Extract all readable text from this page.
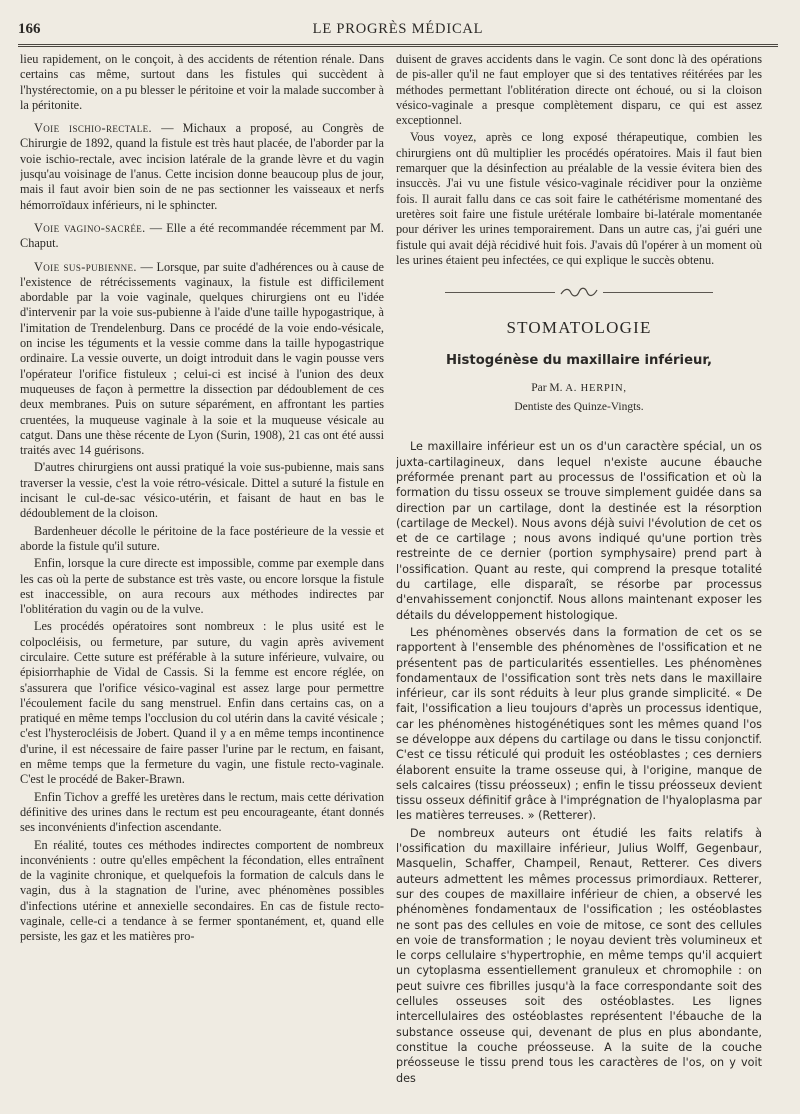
166	LE PROGRÈS MÉDICAL

lieu rapidement, on le conçoit, à des accidents de rétention rénale. Dans certains cas même, surtout dans les fistules qui succèdent à l'hystérectomie, on a pu blesser le péritoine et voir la malade succomber à la péritonite.

Voie ischio-rectale. — Michaux a proposé, au Congrès de Chirurgie de 1892, quand la fistule est très haut placée, de l'aborder par la voie ischio-rectale, avec incision latérale de la grande lèvre et du vagin jusqu'au voisinage de l'anus. Cette incision donne beaucoup plus de jour, mais il faut avoir bien soin de ne pas sectionner les vaisseaux et nerfs hémorroïdaux inférieurs, ni le sphincter.

Voie vagino-sacrée. — Elle a été recommandée récemment par M. Chaput.

Voie sus-pubienne. — Lorsque, par suite d'adhérences ou à cause de l'existence de rétrécissements vaginaux, la fistule est difficilement abordable par la voie vaginale, quelques chirurgiens ont eu l'idée d'intervenir par la voie sus-pubienne à l'aide d'une taille hypogastrique, à l'imitation de Trendelenburg. Dans ce procédé de la voie endo-vésicale, on incise les téguments et la vessie comme dans la taille hypogastrique ordinaire. La vessie ouverte, un doigt introduit dans le vagin pousse vers l'opérateur l'orifice fistuleux ; celui-ci est incisé à l'union des deux muqueuses de façon à permettre la dissection par dédoublement de ces deux membranes. Puis on suture séparément, en affrontant les parties cruentées, la muqueuse vaginale à la soie et la muqueuse vésicale au catgut. Dans une thèse récente de Lyon (Surin, 1908), 21 cas ont été aussi traités avec 14 guérisons.

D'autres chirurgiens ont aussi pratiqué la voie sus-pubienne, mais sans traverser la vessie, c'est la voie rétro-vésicale. Dittel a suturé la fistule en incisant le cul-de-sac vésico-utérin, et faisant de haut en bas le dédoublement de la cloison.

Bardenheuer décolle le péritoine de la face postérieure de la vessie et aborde la fistule qu'il suture.

Enfin, lorsque la cure directe est impossible, comme par exemple dans les cas où la perte de substance est très vaste, ou encore lorsque la fistule est inaccessible, on aura recours aux méthodes indirectes par l'oblitération du vagin ou de la vulve.

Les procédés opératoires sont nombreux : le plus usité est le colpocléisis, ou fermeture, par suture, du vagin après avivement circulaire. Cette suture est préférable à la suture inférieure, vulvaire, ou épisiorrhaphie de Vidal de Cassis. Si la femme est encore réglée, on s'assurera que l'orifice vésico-vaginal est assez large pour permettre l'écoulement facile du sang menstruel. Enfin dans certains cas, on a pratiqué en même temps l'occlusion du col utérin dans la cavité vésicale ; c'est l'hysterocléisis de Jobert. Quand il y a en même temps incontinence d'urine, il est nécessaire de faire passer l'urine par le rectum, en faisant, en même temps que la fermeture du vagin, une fistule recto-vaginale. C'est le procédé de Baker-Brawn.

Enfin Tichov a greffé les uretères dans le rectum, mais cette dérivation définitive des urines dans le rectum est peu encourageante, étant donnés ses inconvénients d'infection ascendante.

En réalité, toutes ces méthodes indirectes comportent de nombreux inconvénients : outre qu'elles empêchent la fécondation, elles entraînent de la vaginite chronique, et quelquefois la formation de calculs dans le vagin, dus à la stagnation de l'urine, avec phénomènes possibles d'infections utérine et annexielle secondaires. En cas de fistule recto-vaginale, celle-ci a tendance à se fermer spontanément, et, quand elle persiste, les gaz et les matières pro-

duisent de graves accidents dans le vagin. Ce sont donc là des opérations de pis-aller qu'il ne faut employer que si des tentatives réitérées par les méthodes permettant l'oblitération directe ont échoué, ou si la cloison vésico-vaginale a presque complètement disparu, ce qui est assez exceptionnel.

Vous voyez, après ce long exposé thérapeutique, combien les chirurgiens ont dû multiplier les procédés opératoires. Mais il faut bien remarquer que la désinfection au préalable de la vessie évitera bien des insuccès. J'ai vu une fistule vésico-vaginale récidiver pour la onzième fois. Il aurait fallu dans ce cas soit faire le cathétérisme momentané des uretères soit faire une fistule urétérale lombaire bi-latérale momentanée pour dériver les urines temporairement. Dans un autre cas, j'ai guéri une fistule qui avait déjà récidivé huit fois. J'avais dû l'opérer à un moment où les urines étaient peu infectées, ce qui explique le succès obtenu.

STOMATOLOGIE
Histogénèse du maxillaire inférieur,
Par M. A. HERPIN,
Dentiste des Quinze-Vingts.

Le maxillaire inférieur est un os d'un caractère spécial, un os juxta-cartilagineux, dans lequel n'existe aucune ébauche préformée prenant part au processus de l'ossification et où la formation du tissu osseux se trouve simplement guidée dans sa direction par un cartilage, dont la destinée est la résorption (cartilage de Meckel). Nous avons déjà suivi l'évolution de cet os et de ce cartilage ; nous avons indiqué qu'une portion très restreinte de ce dernier (portion symphysaire) prend part à l'ossification. Quant au reste, qui comprend la presque totalité du cartilage, elle disparaît, se résorbe par processus d'envahissement conjonctif. Nous allons maintenant exposer les détails du développement histologique.

Les phénomènes observés dans la formation de cet os se rapportent à l'ensemble des phénomènes de l'ossification et ne présentent pas de particularités essentielles. Les phénomènes fondamentaux de l'ossification sont très nets dans le maxillaire inférieur, car ils sont réduits à leur plus grande simplicité. « De fait, l'ossification a lieu toujours d'après un processus identique, car les phénomènes histogénétiques sont les mêmes quand l'os se développe aux dépens du cartilage ou dans le tissu conjonctif. C'est ce tissu réticulé qui produit les ostéoblastes ; ces derniers élaborent ensuite la trame osseuse qui, à l'origine, manque de sels calcaires (tissu préosseux) ; enfin le tissu préosseux devient tissu osseux définitif grâce à l'imprégnation de l'hyaloplasma par les matières terreuses. » (Retterer).

De nombreux auteurs ont étudié les faits relatifs à l'ossification du maxillaire inférieur, Julius Wolff, Gegenbaur, Masquelin, Schaffer, Champeil, Renaut, Retterer. Ces divers auteurs admettent les mêmes processus primordiaux. Retterer, sur des coupes de maxillaire inférieur de chien, a observé les phénomènes fondamentaux de l'ossification ; les ostéoblastes ne sont pas des cellules en voie de mitose, ce sont des cellules en voie de transformation ; le noyau devient très volumineux et le corps cellulaire s'hypertrophie, en même temps qu'il acquiert un cytoplasma essentiellement granuleux et chromophile : on peut suivre ces fibrilles jusqu'à la face correspondante soit des cellules osseuses soit des ostéoblastes. Les lignes intercellulaires des ostéoblastes représentent l'ébauche de la substance osseuse qui, devenant de plus en plus abondante, constitue la couche préosseuse. A la suite de la couche préosseuse le tissu prend tous les caractères de l'os, on y voit des
